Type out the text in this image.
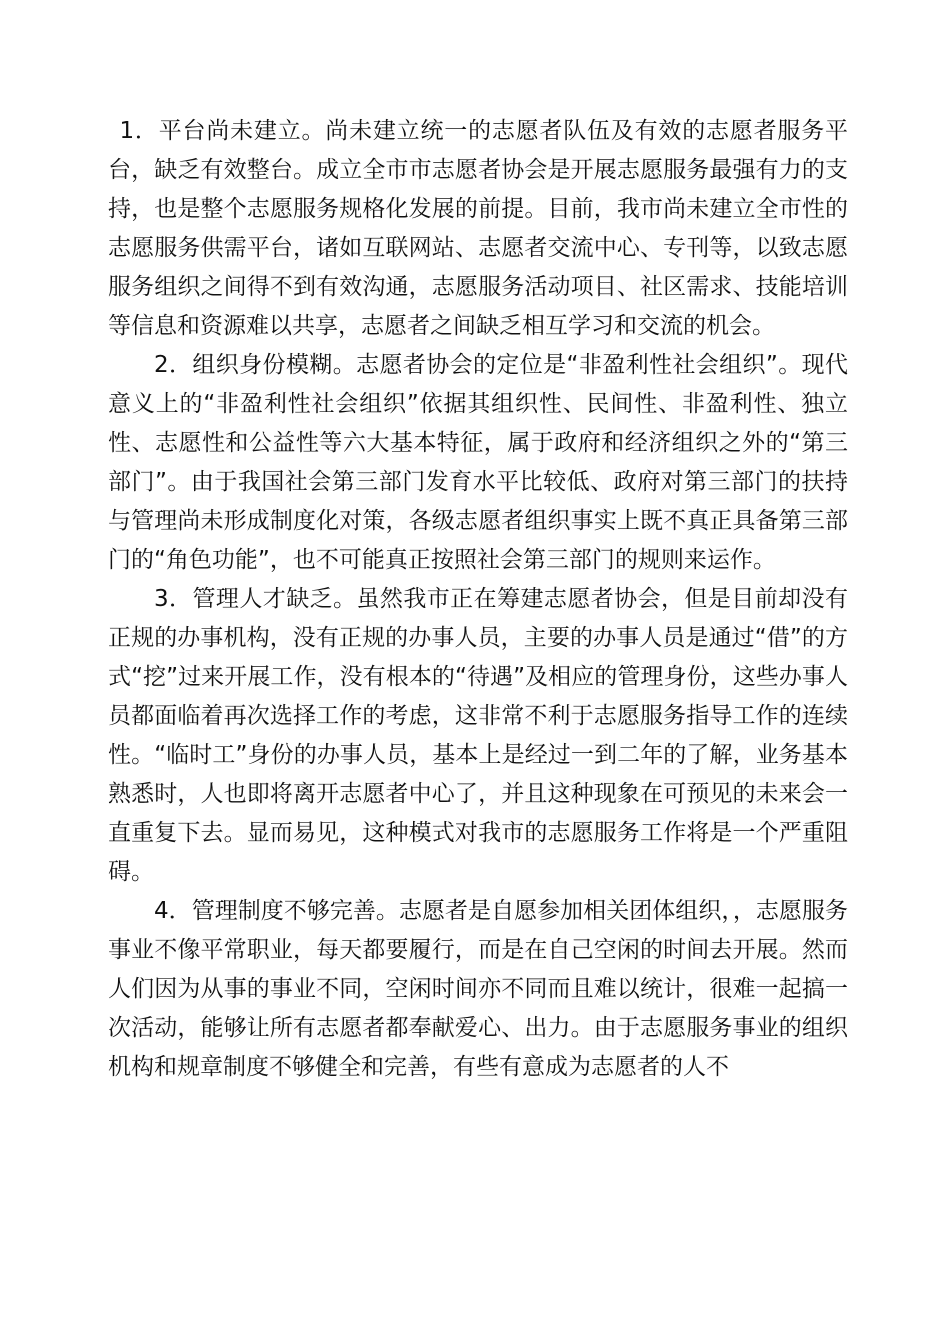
1．平台尚未建立。尚未建立统一的志愿者队伍及有效的志愿者服务平台，缺乏有效整台。成立全市市志愿者协会是开展志愿服务最强有力的支持，也是整个志愿服务规格化发展的前提。目前，我市尚未建立全市性的志愿服务供需平台，诸如互联网站、志愿者交流中心、专刊等，以致志愿服务组织之间得不到有效沟通，志愿服务活动项目、社区需求、技能培训等信息和资源难以共享，志愿者之间缺乏相互学习和交流的机会。

2．组织身份模糊。志愿者协会的定位是“非盈利性社会组织”。现代意义上的“非盈利性社会组织”依据其组织性、民间性、非盈利性、独立性、志愿性和公益性等六大基本特征，属于政府和经济组织之外的“第三部门”。由于我国社会第三部门发育水平比较低、政府对第三部门的扶持与管理尚未形成制度化对策，各级志愿者组织事实上既不真正具备第三部门的“角色功能”，也不可能真正按照社会第三部门的规则来运作。

3．管理人才缺乏。虽然我市正在筹建志愿者协会，但是目前却没有正规的办事机构，没有正规的办事人员，主要的办事人员是通过“借”的方式“挖”过来开展工作，没有根本的“待遇”及相应的管理身份，这些办事人员都面临着再次选择工作的考虑，这非常不利于志愿服务指导工作的连续性。“临时工”身份的办事人员，基本上是经过一到二年的了解，业务基本熟悉时，人也即将离开志愿者中心了，并且这种现象在可预见的未来会一直重复下去。显而易见，这种模式对我市的志愿服务工作将是一个严重阻碍。

4．管理制度不够完善。志愿者是自愿参加相关团体组织，，志愿服务事业不像平常职业，每天都要履行，而是在自己空闲的时间去开展。然而人们因为从事的事业不同，空闲时间亦不同而且难以统计，很难一起搞一次活动，能够让所有志愿者都奉献爱心、出力。由于志愿服务事业的组织机构和规章制度不够健全和完善，有些有意成为志愿者的人不
